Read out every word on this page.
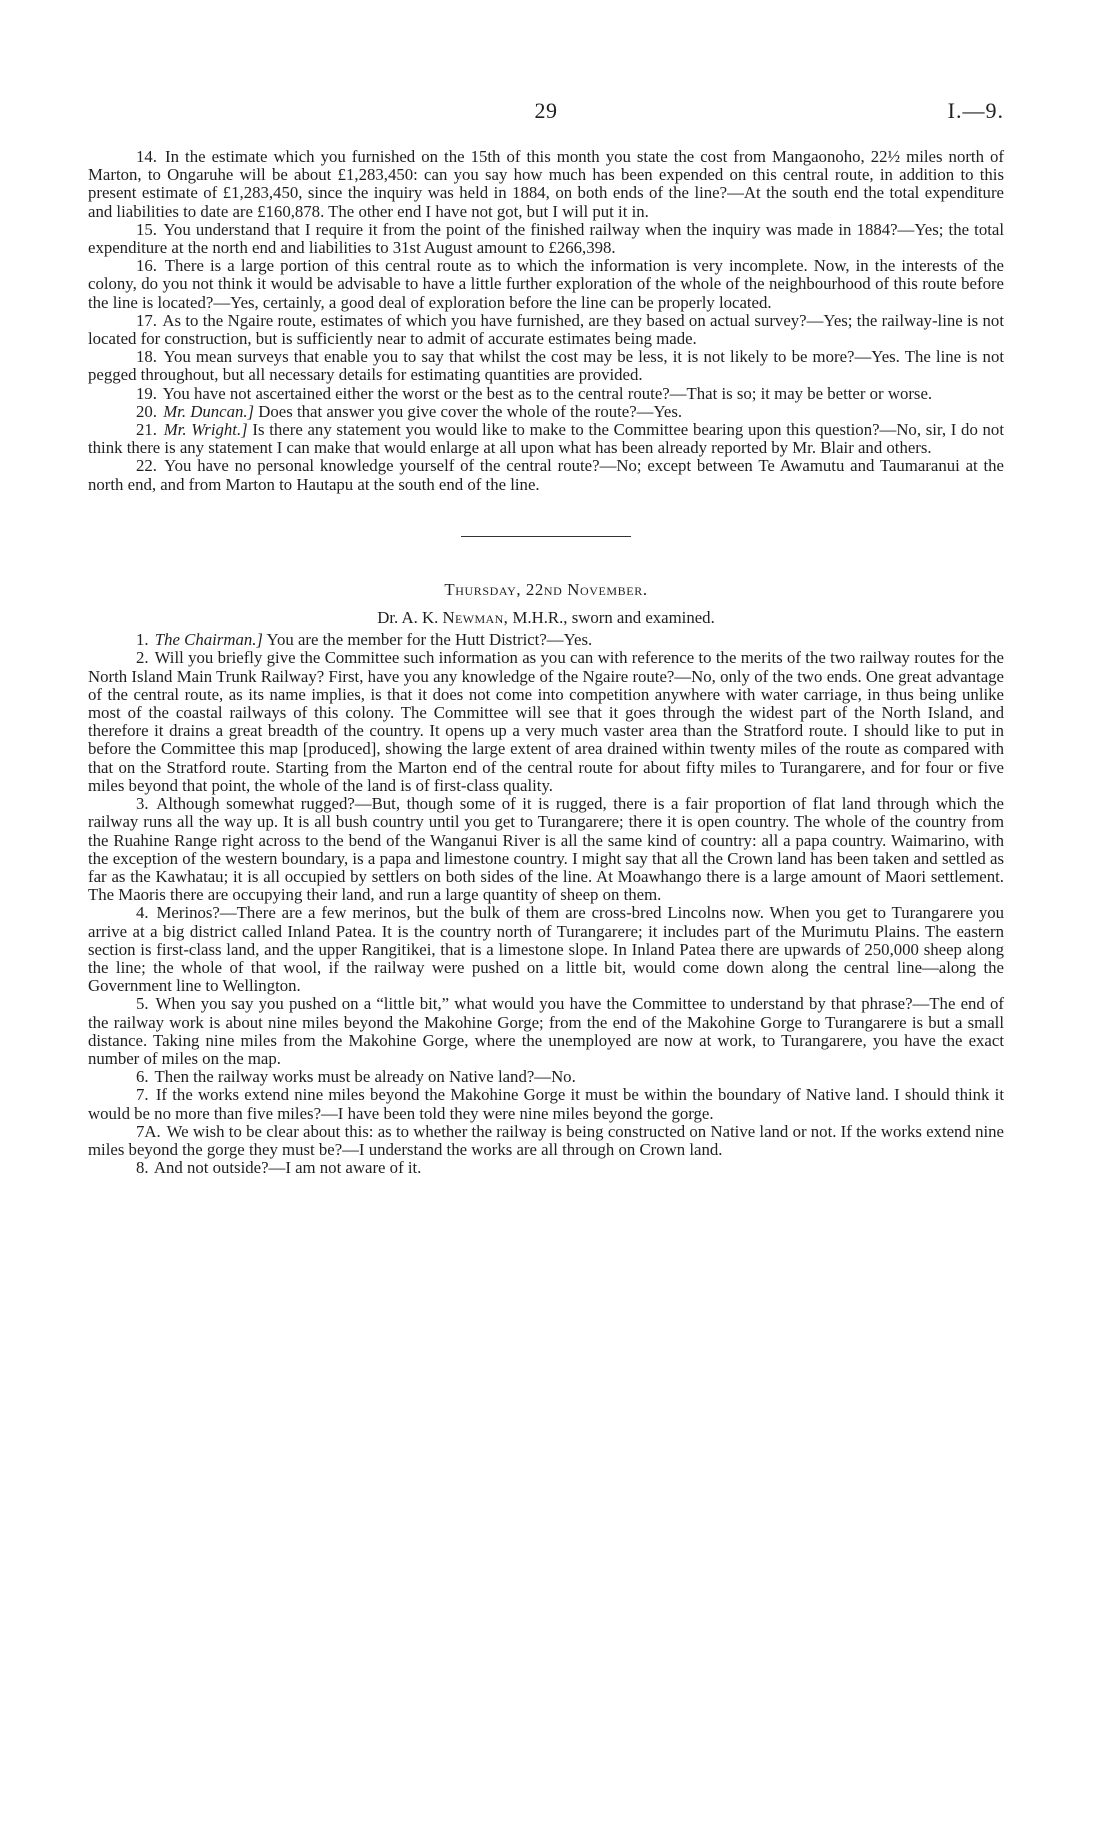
29	I.—9.

14. In the estimate which you furnished on the 15th of this month you state the cost from Mangaonoho, 22½ miles north of Marton, to Ongaruhe will be about £1,283,450: can you say how much has been expended on this central route, in addition to this present estimate of £1,283,450, since the inquiry was held in 1884, on both ends of the line?—At the south end the total expenditure and liabilities to date are £160,878. The other end I have not got, but I will put it in.

15. You understand that I require it from the point of the finished railway when the inquiry was made in 1884?—Yes; the total expenditure at the north end and liabilities to 31st August amount to £266,398.

16. There is a large portion of this central route as to which the information is very incomplete. Now, in the interests of the colony, do you not think it would be advisable to have a little further exploration of the whole of the neighbourhood of this route before the line is located?—Yes, certainly, a good deal of exploration before the line can be properly located.

17. As to the Ngaire route, estimates of which you have furnished, are they based on actual survey?—Yes; the railway-line is not located for construction, but is sufficiently near to admit of accurate estimates being made.

18. You mean surveys that enable you to say that whilst the cost may be less, it is not likely to be more?—Yes. The line is not pegged throughout, but all necessary details for estimating quantities are provided.

19. You have not ascertained either the worst or the best as to the central route?—That is so; it may be better or worse.

20. Mr. Duncan.] Does that answer you give cover the whole of the route?—Yes.

21. Mr. Wright.] Is there any statement you would like to make to the Committee bearing upon this question?—No, sir, I do not think there is any statement I can make that would enlarge at all upon what has been already reported by Mr. Blair and others.

22. You have no personal knowledge yourself of the central route?—No; except between Te Awamutu and Taumaranui at the north end, and from Marton to Hautapu at the south end of the line.

Thursday, 22nd November.
Dr. A. K. Newman, M.H.R., sworn and examined.

1. The Chairman.] You are the member for the Hutt District?—Yes.

2. Will you briefly give the Committee such information as you can with reference to the merits of the two railway routes for the North Island Main Trunk Railway? First, have you any knowledge of the Ngaire route?—No, only of the two ends. One great advantage of the central route, as its name implies, is that it does not come into competition anywhere with water carriage, in thus being unlike most of the coastal railways of this colony. The Committee will see that it goes through the widest part of the North Island, and therefore it drains a great breadth of the country. It opens up a very much vaster area than the Stratford route. I should like to put in before the Committee this map [produced], showing the large extent of area drained within twenty miles of the route as compared with that on the Stratford route. Starting from the Marton end of the central route for about fifty miles to Turangarere, and for four or five miles beyond that point, the whole of the land is of first-class quality.

3. Although somewhat rugged?—But, though some of it is rugged, there is a fair proportion of flat land through which the railway runs all the way up. It is all bush country until you get to Turangarere; there it is open country. The whole of the country from the Ruahine Range right across to the bend of the Wanganui River is all the same kind of country: all a papa country. Waimarino, with the exception of the western boundary, is a papa and limestone country. I might say that all the Crown land has been taken and settled as far as the Kawhatau; it is all occupied by settlers on both sides of the line. At Moawhango there is a large amount of Maori settlement. The Maoris there are occupying their land, and run a large quantity of sheep on them.

4. Merinos?—There are a few merinos, but the bulk of them are cross-bred Lincolns now. When you get to Turangarere you arrive at a big district called Inland Patea. It is the country north of Turangarere; it includes part of the Murimutu Plains. The eastern section is first-class land, and the upper Rangitikei, that is a limestone slope. In Inland Patea there are upwards of 250,000 sheep along the line; the whole of that wool, if the railway were pushed on a little bit, would come down along the central line—along the Government line to Wellington.

5. When you say you pushed on a “little bit,” what would you have the Committee to understand by that phrase?—The end of the railway work is about nine miles beyond the Makohine Gorge; from the end of the Makohine Gorge to Turangarere is but a small distance. Taking nine miles from the Makohine Gorge, where the unemployed are now at work, to Turangarere, you have the exact number of miles on the map.

6. Then the railway works must be already on Native land?—No.

7. If the works extend nine miles beyond the Makohine Gorge it must be within the boundary of Native land. I should think it would be no more than five miles?—I have been told they were nine miles beyond the gorge.

7A. We wish to be clear about this: as to whether the railway is being constructed on Native land or not. If the works extend nine miles beyond the gorge they must be?—I understand the works are all through on Crown land.

8. And not outside?—I am not aware of it.
